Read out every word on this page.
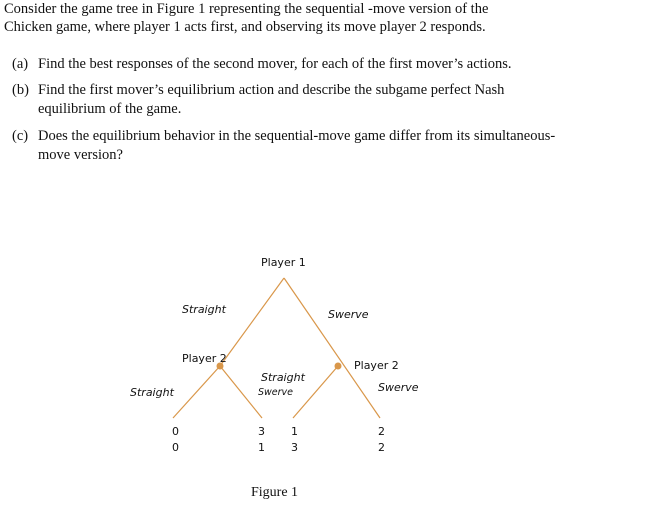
Consider the game tree in Figure 1 representing the sequential -move version of the
Chicken game, where player 1 acts first, and observing its move player 2 responds.
(a) Find the best responses of the second mover, for each of the first mover’s actions.
(b) Find the first mover’s equilibrium action and describe the subgame perfect Nash
equilibrium of the game.
(c) Does the equilibrium behavior in the sequential-move game differ from its simultaneous-
move version?
Player 1
Straight	Swerve
Player 2
Player 2
Straight
Straight
Swerve	Swerve
0
0
3
1
1
3
2
2
Figure 1
